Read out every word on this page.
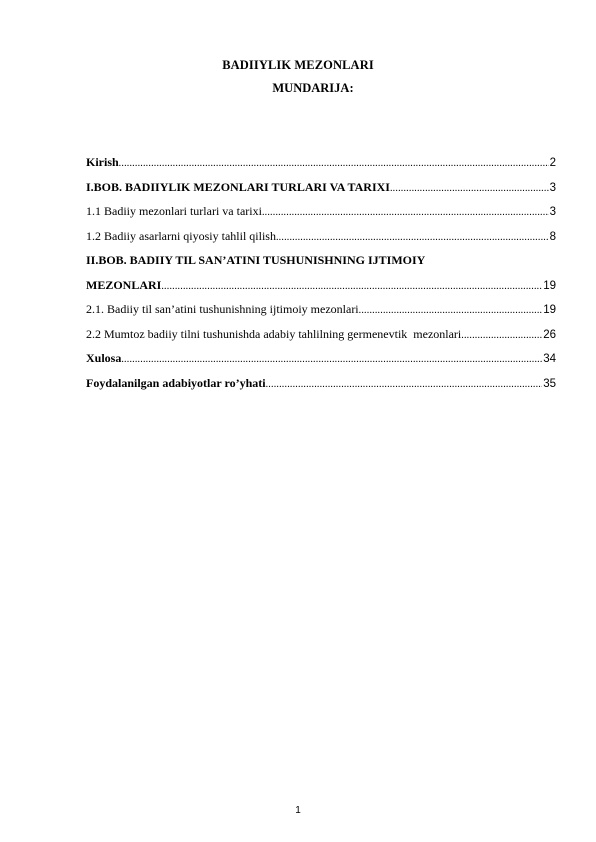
BADIIYLIK MEZONLARI
MUNDARIJA:
Kirish .....	2
I.BOB. BADIIYLIK MEZONLARI TURLARI VA TARIXI .....	3
1.1 Badiiy mezonlari turlari va tarixi .....	3
1.2 Badiiy asarlarni qiyosiy tahlil qilish .....	8
II.BOB. BADIIY TIL SAN’ATINI TUSHUNISHNING IJTIMOIY
MEZONLARI .....	19
2.1. Badiiy til san’atini tushunishning ijtimoiy mezonlari .....	19
2.2 Mumtoz badiiy tilni tushunishda adabiy tahlilning germenevtik  mezonlari .....	26
Xulosa .....	34
Foydalanilgan adabiyotlar ro’yhati .....	35
1
